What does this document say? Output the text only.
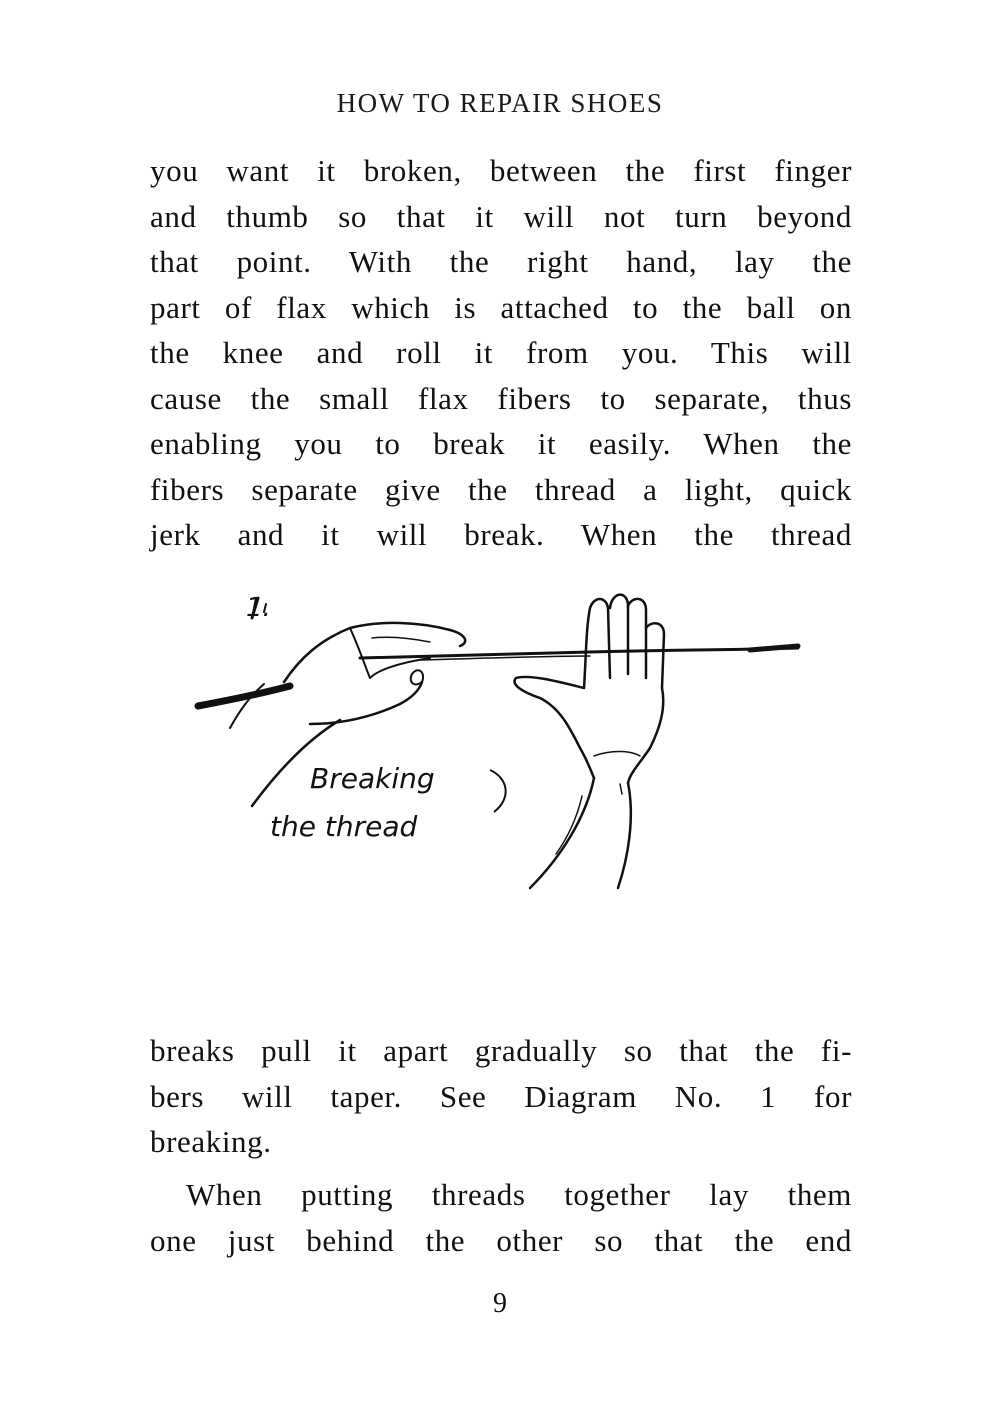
HOW TO REPAIR SHOES
you want it broken, between the first finger
and thumb so that it will not turn beyond
that point. With the right hand, lay the
part of flax which is attached to the ball on
the knee and roll it from you. This will
cause the small flax fibers to separate, thus
enabling you to break it easily. When the
fibers separate give the thread a light, quick
jerk and it will break. When the thread
Breaking
the thread
1.
breaks pull it apart gradually so that the fi-
bers will taper. See Diagram No. 1 for
breaking.
When putting threads together lay them
one just behind the other so that the end
9
